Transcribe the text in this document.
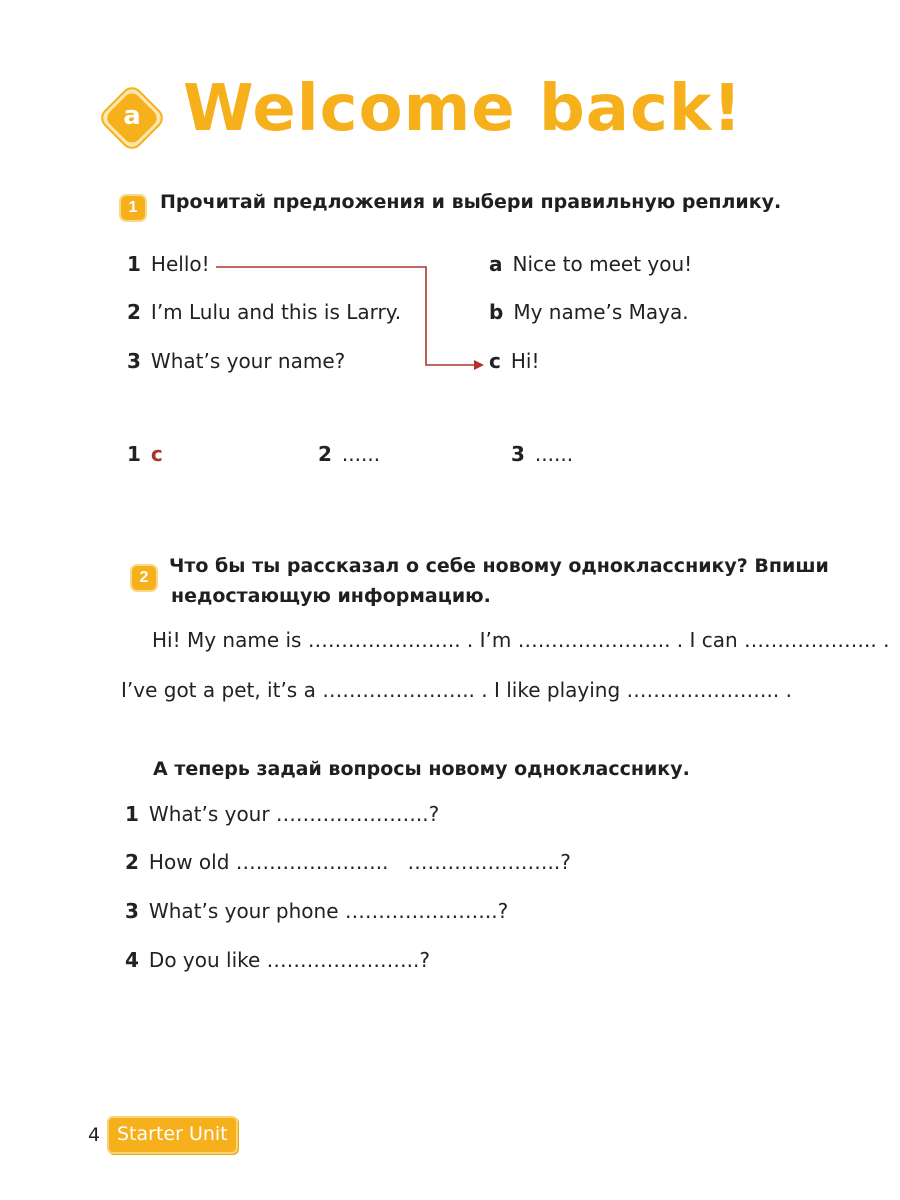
a Welcome back!
1	Прочитай предложения и выбери правильную реплику.
1 Hello!
2 I’m Lulu and this is Larry.
3 What’s your name?
a Nice to meet you!
b My name’s Maya.
c Hi!
1 c	2 ......	3 ......
2
Что бы ты рассказал о себе новому однокласснику? Впиши
недостающую информацию.
Hi! My name is ………………….. . I’m ………………….. . I can ……………….. .
I’ve got a pet, it’s a ………………….. . I like playing ………………….. .
А теперь задай вопросы новому однокласснику.
1 What’s your …………………..?
2 How old …………………..   …………………..?
3 What’s your phone …………………..?
4 Do you like …………………..?
4 Starter Unit
